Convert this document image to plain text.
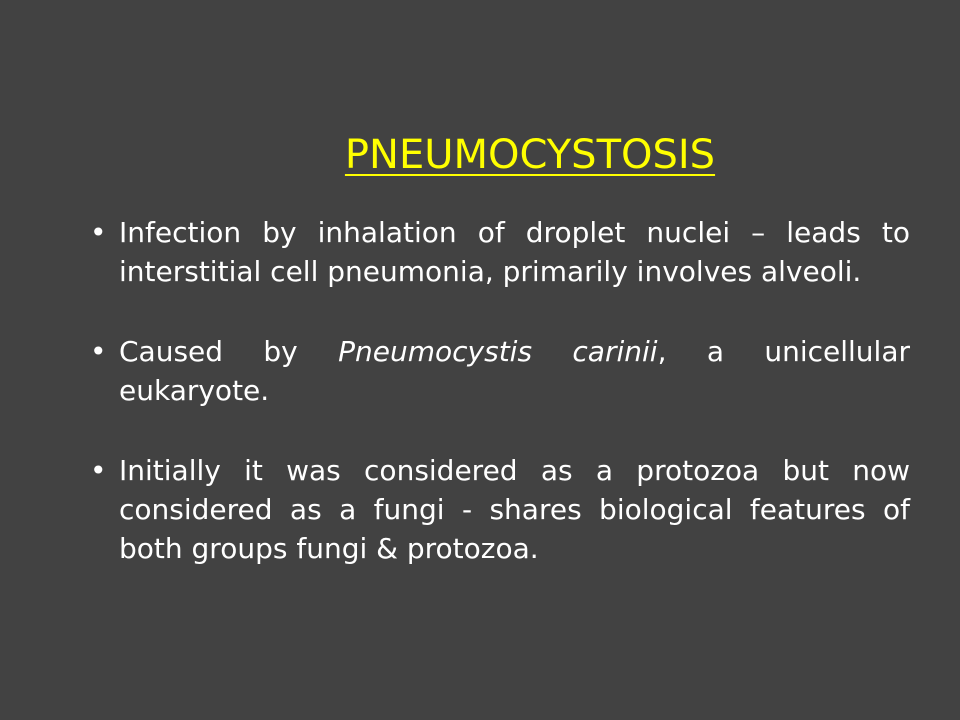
PNEUMOCYSTOSIS
• Infection by inhalation of droplet nuclei – leads to interstitial cell pneumonia, primarily involves alveoli.
• Caused by Pneumocystis carinii, a unicellular eukaryote.
• Initially it was considered as a protozoa but now considered as a fungi - shares biological features of both groups fungi & protozoa.
